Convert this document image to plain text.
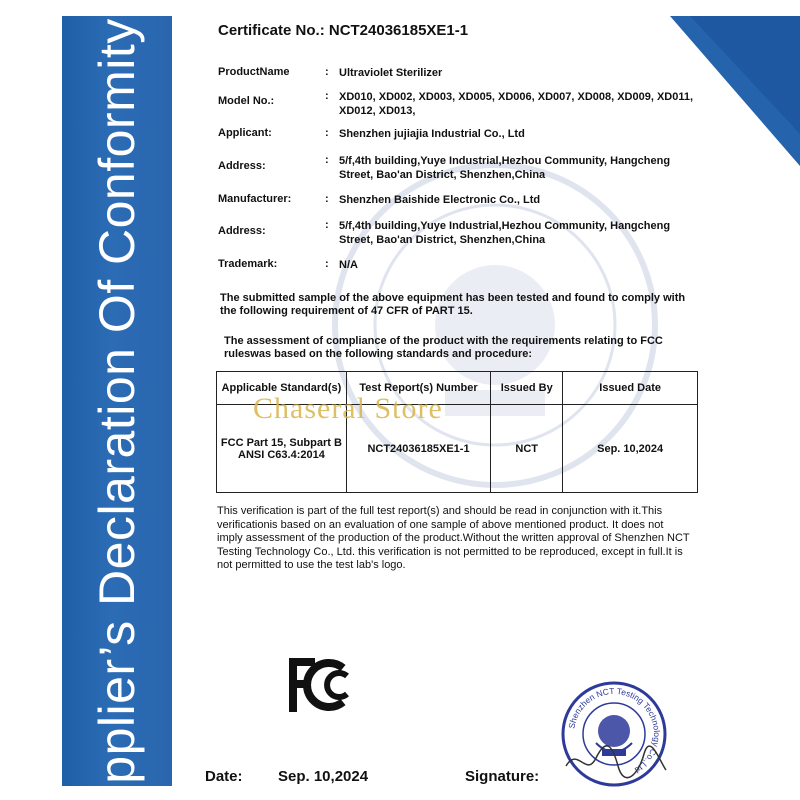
pplier’s Declaration Of Conformity	Certificate No.: NCT24036185XE1-1
ProductName	: Ultraviolet Sterilizer
Model No.:	: XD010, XD002, XD003, XD005, XD006, XD007, XD008, XD009, XD011, XD012, XD013,
Applicant:	: Shenzhen jujiajia Industrial Co., Ltd
Address:	: 5/f,4th building,Yuye Industrial,Hezhou Community, Hangcheng Street, Bao'an District, Shenzhen,China
Manufacturer:	: Shenzhen Baishide Electronic Co., Ltd
Address:	: 5/f,4th building,Yuye Industrial,Hezhou Community, Hangcheng Street, Bao'an District, Shenzhen,China
Trademark:	: N/A
The submitted sample of the above equipment has been tested and found to comply with the following requirement of 47 CFR of PART 15.
The assessment of compliance of the product with the requirements relating to FCC ruleswas based on the following standards and procedure:
Applicable Standard(s)	Test Report(s) Number	Issued By	Issued Date

FCC Part 15, Subpart B
ANSI C63.4:2014	NCT24036185XE1-1	NCT	Sep. 10,2024
Chaseral Store
This verification is part of the full test report(s) and should be read in conjunction with it.This verificationis based on an evaluation of one sample of above mentioned product. It does not imply assessment of the production of the product.Without the written approval of Shenzhen NCT Testing Technology Co., Ltd. this verification is not permitted to be reproduced, except in full.It is not permitted to use the test lab's logo.
Date: Sep. 10,2024	Signature:
Shenzhen NCT Testing Technology Co.,Ltd
